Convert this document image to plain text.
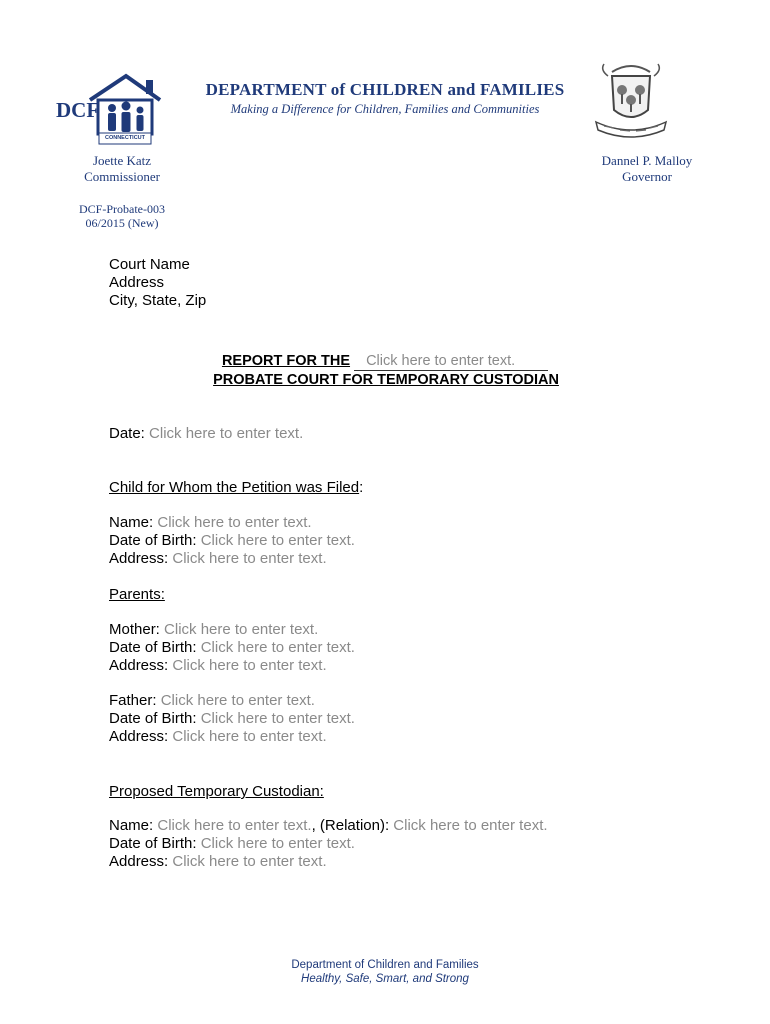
DCF
CONNECTICUT
DEPARTMENT of CHILDREN and FAMILIES
Making a Difference for Children, Families and Communities
Joette Katz
Commissioner
Dannel P. Malloy
Governor
DCF-Probate-003
06/2015 (New)
Court Name
Address
City, State, Zip
REPORT FOR THE Click here to enter text.
PROBATE COURT FOR TEMPORARY CUSTODIAN
Date: Click here to enter text.
Child for Whom the Petition was Filed:
Name: Click here to enter text.
Date of Birth: Click here to enter text.
Address: Click here to enter text.
Parents:
Mother: Click here to enter text.
Date of Birth: Click here to enter text.
Address: Click here to enter text.
Father: Click here to enter text.
Date of Birth: Click here to enter text.
Address: Click here to enter text.
Proposed Temporary Custodian:
Name: Click here to enter text., (Relation): Click here to enter text.
Date of Birth: Click here to enter text.
Address: Click here to enter text.
Department of Children and Families
Healthy, Safe, Smart, and Strong
